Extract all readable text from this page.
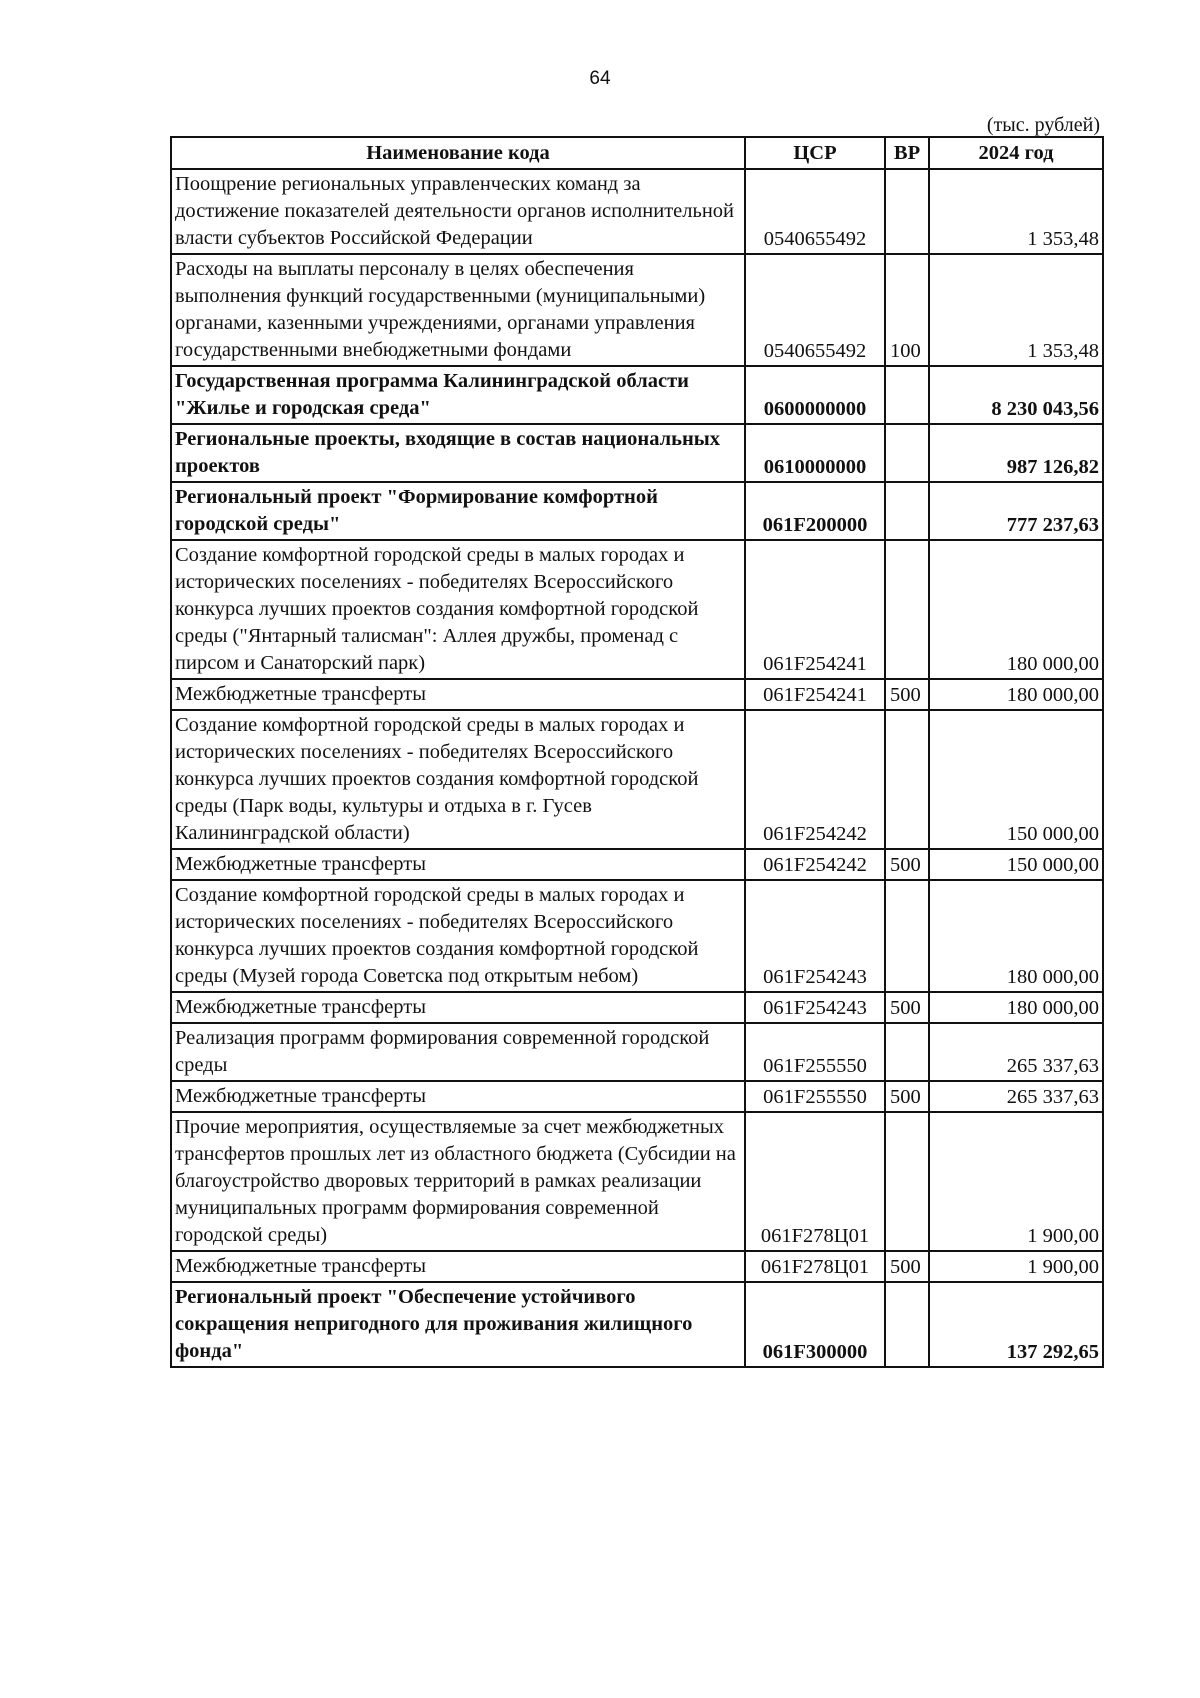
64
(тыс. рублей)
Наименование кода	ЦСР	ВР	2024 год
Поощрение региональных управленческих команд за достижение показателей деятельности органов исполнительной власти субъектов Российской Федерации	0540655492		1 353,48
Расходы на выплаты персоналу в целях обеспечения выполнения функций государственными (муниципальными) органами, казенными учреждениями, органами управления государственными внебюджетными фондами	0540655492	100	1 353,48
Государственная программа Калининградской области "Жилье и городская среда"	0600000000		8 230 043,56
Региональные проекты, входящие в состав национальных проектов	0610000000		987 126,82
Региональный проект "Формирование комфортной городской среды"	061F200000		777 237,63
Создание комфортной городской среды в малых городах и исторических поселениях - победителях Всероссийского конкурса лучших проектов создания комфортной городской среды ("Янтарный талисман": Аллея дружбы, променад с пирсом и Санаторский парк)	061F254241		180 000,00
Межбюджетные трансферты	061F254241	500	180 000,00
Создание комфортной городской среды в малых городах и исторических поселениях - победителях Всероссийского конкурса лучших проектов создания комфортной городской среды (Парк воды, культуры и отдыха в г. Гусев Калининградской области)	061F254242		150 000,00
Межбюджетные трансферты	061F254242	500	150 000,00
Создание комфортной городской среды в малых городах и исторических поселениях - победителях Всероссийского конкурса лучших проектов создания комфортной городской среды (Музей города Советска под открытым небом)	061F254243		180 000,00
Межбюджетные трансферты	061F254243	500	180 000,00
Реализация программ формирования современной городской среды	061F255550		265 337,63
Межбюджетные трансферты	061F255550	500	265 337,63
Прочие мероприятия, осуществляемые за счет межбюджетных трансфертов прошлых лет из областного бюджета (Субсидии на благоустройство дворовых территорий в рамках реализации муниципальных программ формирования современной городской среды)	061F278Ц01		1 900,00
Межбюджетные трансферты	061F278Ц01	500	1 900,00
Региональный проект "Обеспечение устойчивого сокращения непригодного для проживания жилищного фонда"	061F300000		137 292,65
